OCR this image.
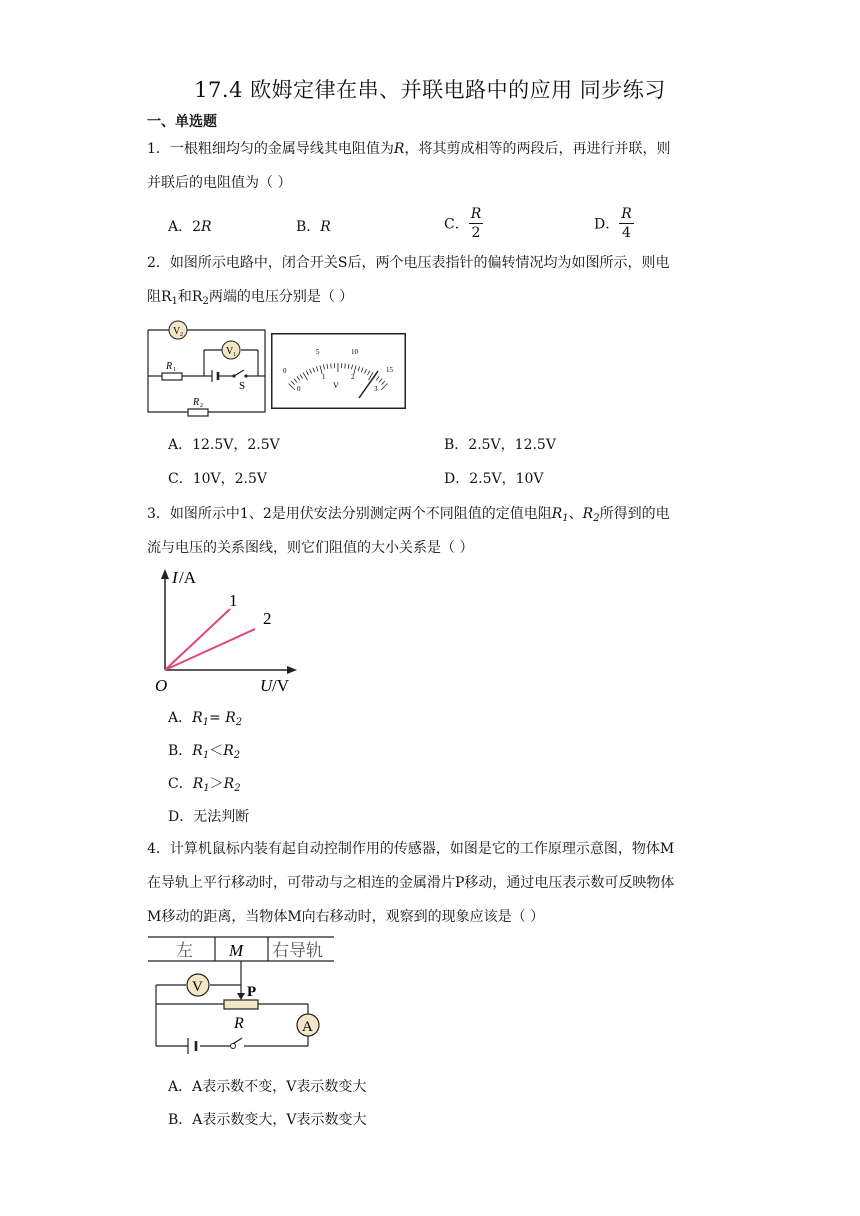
17.4 欧姆定律在串、并联电路中的应用 同步练习
一、单选题
1．一根粗细均匀的金属导线其电阻值为R，将其剪成相等的两段后，再进行并联，则
并联后的电阻值为（ ）
A．2R	B．R	C． $\frac{R}{2}$	D． $\frac{R}{4}$
2．如图所示电路中，闭合开关S后，两个电压表指针的偏转情况均为如图所示，则电
阻$R_1$和$R_2$两端的电压分别是（ ）
V 2
V 1
R 1
R 2
S
0
5	10
15
0
1	2
3
V
A．12.5V，2.5V	B．2.5V，12.5V
C．10V，2.5V	D．2.5V，10V
3．如图所示中1、2是用伏安法分别测定两个不同阻值的定值电阻$R_1$、$R_2$所得到的电
流与电压的关系图线，则它们阻值的大小关系是（ ）
I /A
U /V
O
1
2
A．$R_1= R_2$
B．$R_1<R_2$
C．$R_1>R_2$
D．无法判断
4．计算机鼠标内装有起自动控制作用的传感器，如图是它的工作原理示意图，物体M
在导轨上平行移动时，可带动与之相连的金属滑片P移动，通过电压表示数可反映物体
M移动的距离，当物体M向右移动时，观察到的现象应该是（ ）
V
A
左 M 右导轨
P
R
A．A表示数不变，V表示数变大
B．A表示数变大，V表示数变大
